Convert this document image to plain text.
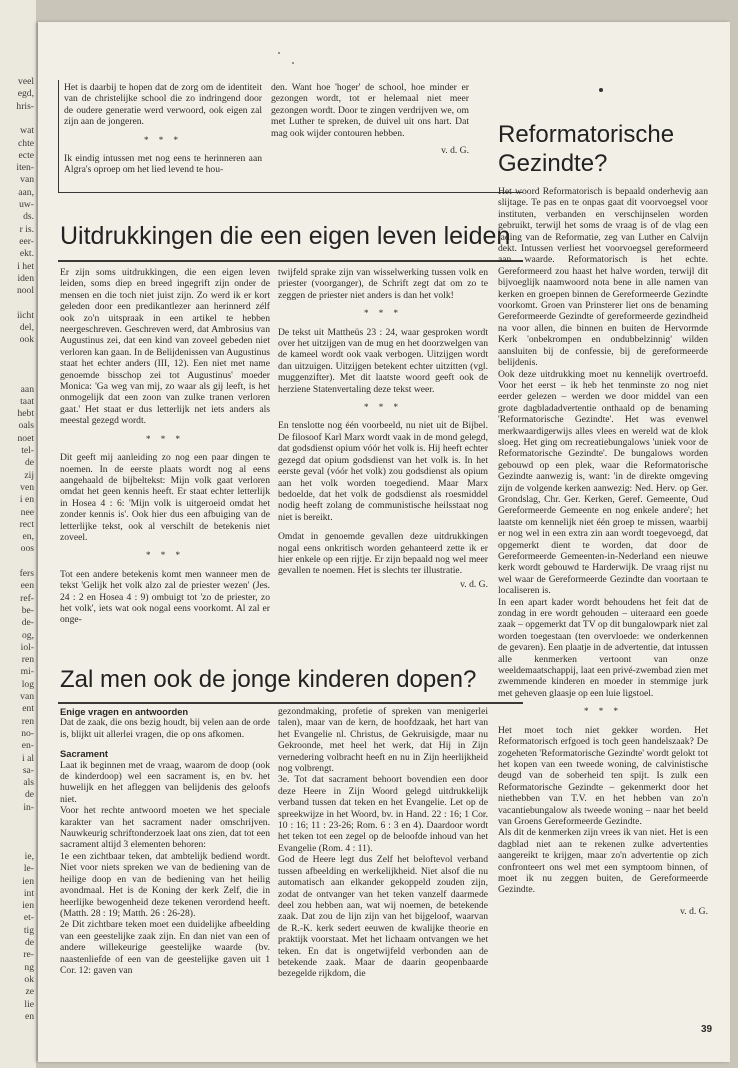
veel
egd,
hris-
wat
chte
ecte
iten-
van
aan,
uw-
ds.
r is.
eer-
ekt.
i het
iden
nool
iicht
del,
ook
aan
taat
hebt
oals
noet
tel-
de
zij
ven
i en
nee
rect
en,
oos
fers
een
ref-
be-
de-
og,
iol-
ren
mi-
log
van
ent
ren
no-
en-
i al
sa-
als
de
in-
ie,
le-
ien
int
ien
et-
tig
de
re-
ng
ok
ze
lie
en

Het is daarbij te hopen dat de zorg om de identiteit van de christelijke school die zo indringend door de oudere generatie werd verwoord, ook eigen zal zijn aan de jongeren.

* * *

Ik eindig intussen met nog eens te herinneren aan Algra's oproep om het lied levend te hou-

den. Want hoe 'hoger' de school, hoe minder er gezongen wordt, tot er helemaal niet meer gezongen wordt. Door te zingen verdrijven we, om met Luther te spreken, de duivel uit ons hart. Dat mag ook wijder contouren hebben.

v. d. G.

Uitdrukkingen die een eigen leven leiden

Er zijn soms uitdrukkingen, die een eigen leven leiden, soms diep en breed ingegrift zijn onder de mensen en die toch niet juist zijn. Zo werd ik er kort geleden door een predikantlezer aan herinnerd zélf ook zo'n uitspraak in een artikel te hebben neergeschreven. Geschreven werd, dat Ambrosius van Augustinus zei, dat een kind van zoveel gebeden niet verloren kan gaan. In de Belijdenissen van Augustinus staat het echter anders (III, 12). Een niet met name genoemde bisschop zei tot Augustinus' moeder Monica: 'Ga weg van mij, zo waar als gij leeft, is het onmogelijk dat een zoon van zulke tranen verloren gaat.' Het staat er dus letterlijk net iets anders als meestal gezegd wordt.

* * *

Dit geeft mij aanleiding zo nog een paar dingen te noemen. In de eerste plaats wordt nog al eens aangehaald de bijbeltekst: Mijn volk gaat verloren omdat het geen kennis heeft. Er staat echter letterlijk in Hosea 4 : 6: 'Mijn volk is uitgeroeid omdat het zonder kennis is'. Ook hier dus een afbuiging van de letterlijke tekst, ook al verschilt de betekenis niet zoveel.

* * *

Tot een andere betekenis komt men wanneer men de tekst 'Gelijk het volk alzo zal de priester wezen' (Jes. 24 : 2 en Hosea 4 : 9) ombuigt tot 'zo de priester, zo het volk', iets wat ook nogal eens voorkomt. Al zal er onge-

twijfeld sprake zijn van wisselwerking tussen volk en priester (voorganger), de Schrift zegt dat om zo te zeggen de priester niet anders is dan het volk!

* * *

De tekst uit Mattheüs 23 : 24, waar gesproken wordt over het uitzijgen van de mug en het doorzwelgen van de kameel wordt ook vaak verbogen. Uitzijgen wordt dan uitzuigen. Uitzijgen betekent echter uitzitten (vgl. muggenzifter). Met dit laatste woord geeft ook de herziene Statenvertaling deze tekst weer.

* * *

En tenslotte nog één voorbeeld, nu niet uit de Bijbel. De filosoof Karl Marx wordt vaak in de mond gelegd, dat godsdienst opium vóór het volk is. Hij heeft echter gezegd dat opium godsdienst van het volk is. In het eerste geval (vóór het volk) zou godsdienst als opium aan het volk worden toegediend. Maar Marx bedoelde, dat het volk de godsdienst als roesmiddel nodig heeft zolang de communistische heilsstaat nog niet is bereikt.

Omdat in genoemde gevallen deze uitdrukkingen nogal eens onkritisch worden gehanteerd zette ik er hier enkele op een rijtje. Er zijn bepaald nog wel meer gevallen te noemen. Het is slechts ter illustratie.

v. d. G.

Zal men ook de jonge kinderen dopen?

Enige vragen en antwoorden

Dat de zaak, die ons bezig houdt, bij velen aan de orde is, blijkt uit allerlei vragen, die op ons afkomen.

Sacrament

Laat ik beginnen met de vraag, waarom de doop (ook de kinderdoop) wel een sacrament is, en bv. het huwelijk en het afleggen van belijdenis des geloofs niet.

Voor het rechte antwoord moeten we het speciale karakter van het sacrament nader omschrijven. Nauwkeurig schriftonderzoek laat ons zien, dat tot een sacrament altijd 3 elementen behoren:

1e een zichtbaar teken, dat ambtelijk bediend wordt. Niet voor niets spreken we van de bediening van de heilige doop en van de bediening van het heilig avondmaal. Het is de Koning der kerk Zelf, die in heerlijke bewogenheid deze tekenen verordend heeft. (Matth. 28 : 19; Matth. 26 : 26-28).

2e Dit zichtbare teken moet een duidelijke afbeelding van een geestelijke zaak zijn. En dan niet van een of andere willekeurige geestelijke waarde (bv. naastenliefde of een van de geestelijke gaven uit 1 Cor. 12: gaven van

gezondmaking, profetie of spreken van menigerlei talen), maar van de kern, de hoofdzaak, het hart van het Evangelie nl. Christus, de Gekruisigde, maar nu Gekroonde, met heel het werk, dat Hij in Zijn vernedering volbracht heeft en nu in Zijn heerlijkheid nog volbrengt.

3e. Tot dat sacrament behoort bovendien een door deze Heere in Zijn Woord gelegd uitdrukkelijk verband tussen dat teken en het Evangelie. Let op de spreekwijze in het Woord, bv. in Hand. 22 : 16; 1 Cor. 10 : 16; 11 : 23-26; Rom. 6 : 3 en 4). Daardoor wordt het teken tot een zegel op de beloofde inhoud van het Evangelie (Rom. 4 : 11).

God de Heere legt dus Zelf het beloftevol verband tussen afbeelding en werkelijkheid. Niet alsof die nu automatisch aan elkander gekoppeld zouden zijn, zodat de ontvanger van het teken vanzelf daarmede deel zou hebben aan, wat wij noemen, de betekende zaak. Dat zou de lijn zijn van het bijgeloof, waarvan de R.-K. kerk sedert eeuwen de kwalijke theorie en praktijk voorstaat. Met het lichaam ontvangen we het teken. En dat is ongetwijfeld verbonden aan de betekende zaak. Maar de daarin geopenbaarde bezegelde rijkdom, die

Reformatorische
Gezindte?

Het woord Reformatorisch is bepaald onderhevig aan slijtage. Te pas en te onpas gaat dit voorvoegsel voor instituten, verbanden en verschijnselen worden gebruikt, terwijl het soms de vraag is of de vlag een lading van de Reformatie, zeg van Luther en Calvijn dekt. Intussen verliest het voorvoegsel gereformeerd aan waarde. Reformatorisch is het echte. Gereformeerd zou haast het halve worden, terwijl dit bijvoeglijk naamwoord nota bene in alle namen van kerken en groepen binnen de Gereformeerde Gezindte voorkomt. Groen van Prinsterer liet ons de benaming Gereformeerde Gezindte of gereformeerde gezindheid na voor allen, die binnen en buiten de Hervormde Kerk 'onbekrompen en ondubbelzinnig' wilden aansluiten bij de confessie, bij de gereformeerde belijdenis.

Ook deze uitdrukking moet nu kennelijk overtroefd. Voor het eerst – ik heb het tenminste zo nog niet eerder gelezen – werden we door middel van een grote dagbladadvertentie onthaald op de benaming 'Reformatorische Gezindte'. Het was evenwel merkwaardigerwijs alles vlees en wereld wat de klok sloeg. Het ging om recreatiebungalows 'uniek voor de Reformatorische Gezindte'. De bungalows worden gebouwd op een plek, waar die Reformatorische Gezindte aanwezig is, want: 'in de direkte omgeving zijn de volgende kerken aanwezig: Ned. Herv. op Ger. Grondslag, Chr. Ger. Kerken, Geref. Gemeente, Oud Gereformeerde Gemeente en nog enkele andere'; het laatste om kennelijk niet één groep te missen, waarbij er nog wel in een extra zin aan wordt toegevoegd, dat opgemerkt dient te worden, dat door de Gereformeerde Gemeenten-in-Nederland een nieuwe kerk wordt gebouwd te Harderwijk. De vraag rijst nu wel waar de Gereformeerde Gezindte dan voortaan te localiseren is.

In een apart kader wordt behoudens het feit dat de zondag in ere wordt gehouden – uiteraard een goede zaak – opgemerkt dat TV op dit bungalowpark niet zal worden toegestaan (ten overvloede: we onderkennen de gevaren). Een plaatje in de advertentie, dat intussen alle kenmerken vertoont van onze weeldemaatschappij, laat een privé-zwembad zien met zwemmende kinderen en moeder in stemmige jurk met geheven glaasje op een luie ligstoel.

* * *

Het moet toch niet gekker worden. Het Reformatorisch erfgoed is toch geen handelszaak? De zogeheten 'Reformatorische Gezindte' wordt gelokt tot het kopen van een tweede woning, de calvinistische deugd van de soberheid ten spijt. Is zulk een Reformatorische Gezindte – gekenmerkt door het niethebben van T.V. en het hebben van zo'n vacantiebungalow als tweede woning – naar het beeld van Groens Gereformeerde Gezindte.

Als dit de kenmerken zijn vrees ik van niet. Het is een dagblad niet aan te rekenen zulke advertenties aangereikt te krijgen, maar zo'n advertentie op zich confronteert ons wel met een symptoom binnen, of moet ik nu zeggen buiten, de Gereformeerde Gezindte.

v. d. G.

39
